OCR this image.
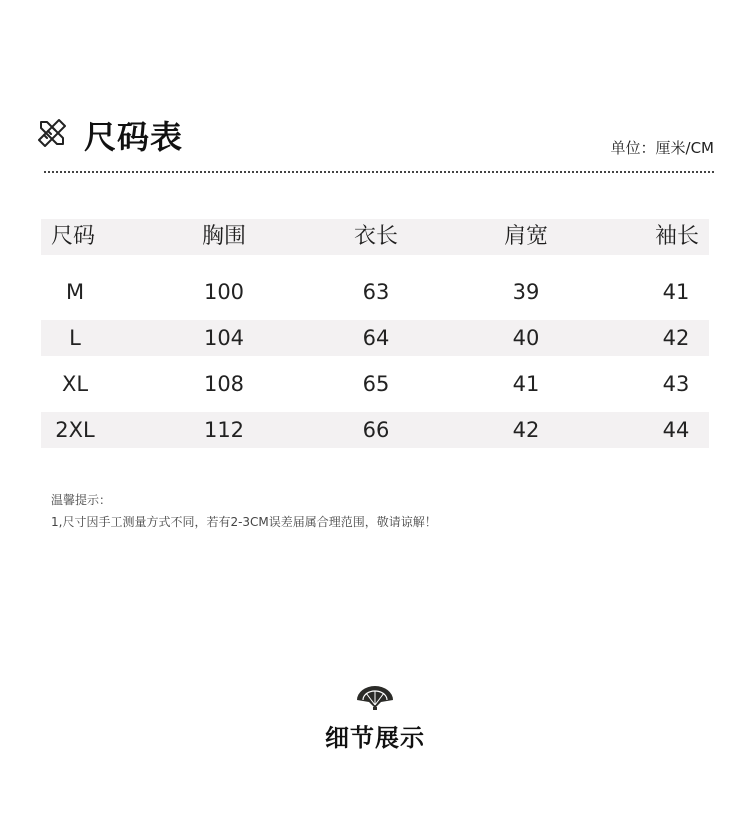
尺码表	单位：厘米/CM
尺码	胸围	衣长	肩宽	袖长
M	100	63	39	41
L	104	64	40	42
XL	108	65	41	43
2XL	112	66	42	44
温馨提示：
1,尺寸因手工测量方式不同，若有2-3CM误差届属合理范围，敬请谅解！
细节展示
